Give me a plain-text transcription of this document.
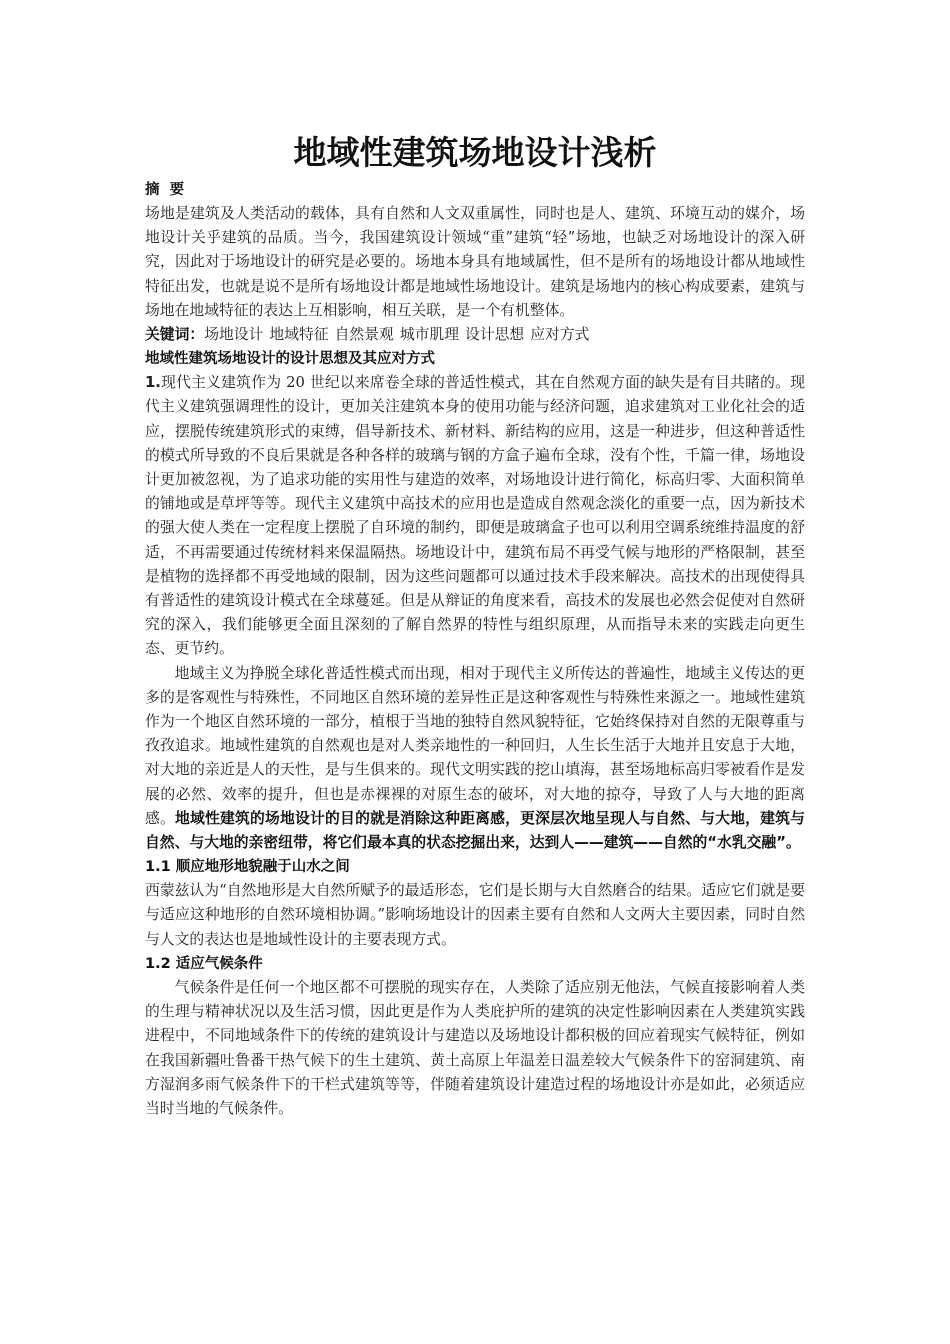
地域性建筑场地设计浅析

摘  要

场地是建筑及人类活动的载体，具有自然和人文双重属性，同时也是人、建筑、环境互动的媒介，场地设计关乎建筑的品质。当今，我国建筑设计领域“重”建筑“轻”场地，也缺乏对场地设计的深入研究，因此对于场地设计的研究是必要的。场地本身具有地域属性，但不是所有的场地设计都从地域性特征出发，也就是说不是所有场地设计都是地域性场地设计。建筑是场地内的核心构成要素，建筑与场地在地域特征的表达上互相影响，相互关联，是一个有机整体。

关键词：场地设计 地域特征 自然景观 城市肌理 设计思想 应对方式

地域性建筑场地设计的设计思想及其应对方式

1.现代主义建筑作为 20 世纪以来席卷全球的普适性模式，其在自然观方面的缺失是有目共睹的。现代主义建筑强调理性的设计，更加关注建筑本身的使用功能与经济问题，追求建筑对工业化社会的适应，摆脱传统建筑形式的束缚，倡导新技术、新材料、新结构的应用，这是一种进步，但这种普适性的模式所导致的不良后果就是各种各样的玻璃与钢的方盒子遍布全球，没有个性，千篇一律，场地设计更加被忽视，为了追求功能的实用性与建造的效率，对场地设计进行简化，标高归零、大面积简单的铺地或是草坪等等。现代主义建筑中高技术的应用也是造成自然观念淡化的重要一点，因为新技术的强大使人类在一定程度上摆脱了自环境的制约，即便是玻璃盒子也可以利用空调系统维持温度的舒适，不再需要通过传统材料来保温隔热。场地设计中，建筑布局不再受气候与地形的严格限制，甚至是植物的选择都不再受地域的限制，因为这些问题都可以通过技术手段来解决。高技术的出现使得具有普适性的建筑设计模式在全球蔓延。但是从辩证的角度来看，高技术的发展也必然会促使对自然研究的深入，我们能够更全面且深刻的了解自然界的特性与组织原理，从而指导未来的实践走向更生态、更节约。

地域主义为挣脱全球化普适性模式而出现，相对于现代主义所传达的普遍性，地域主义传达的更多的是客观性与特殊性，不同地区自然环境的差异性正是这种客观性与特殊性来源之一。地域性建筑作为一个地区自然环境的一部分，植根于当地的独特自然风貌特征，它始终保持对自然的无限尊重与孜孜追求。地域性建筑的自然观也是对人类亲地性的一种回归，人生长生活于大地并且安息于大地，对大地的亲近是人的天性，是与生俱来的。现代文明实践的挖山填海，甚至场地标高归零被看作是发展的必然、效率的提升，但也是赤裸裸的对原生态的破坏，对大地的掠夺，导致了人与大地的距离感。地域性建筑的场地设计的目的就是消除这种距离感，更深层次地呈现人与自然、与大地，建筑与自然、与大地的亲密纽带，将它们最本真的状态挖掘出来，达到人——建筑——自然的“水乳交融”。

1.1 顺应地形地貌融于山水之间

西蒙兹认为“自然地形是大自然所赋予的最适形态，它们是长期与大自然磨合的结果。适应它们就是要与适应这种地形的自然环境相协调。”影响场地设计的因素主要有自然和人文两大主要因素，同时自然与人文的表达也是地域性设计的主要表现方式。

1.2 适应气候条件

气候条件是任何一个地区都不可摆脱的现实存在，人类除了适应别无他法，气候直接影响着人类的生理与精神状况以及生活习惯，因此更是作为人类庇护所的建筑的决定性影响因素在人类建筑实践进程中，不同地域条件下的传统的建筑设计与建造以及场地设计都积极的回应着现实气候特征，例如在我国新疆吐鲁番干热气候下的生土建筑、黄土高原上年温差日温差较大气候条件下的窑洞建筑、南方湿润多雨气候条件下的干栏式建筑等等，伴随着建筑设计建造过程的场地设计亦是如此，必须适应当时当地的气候条件。
